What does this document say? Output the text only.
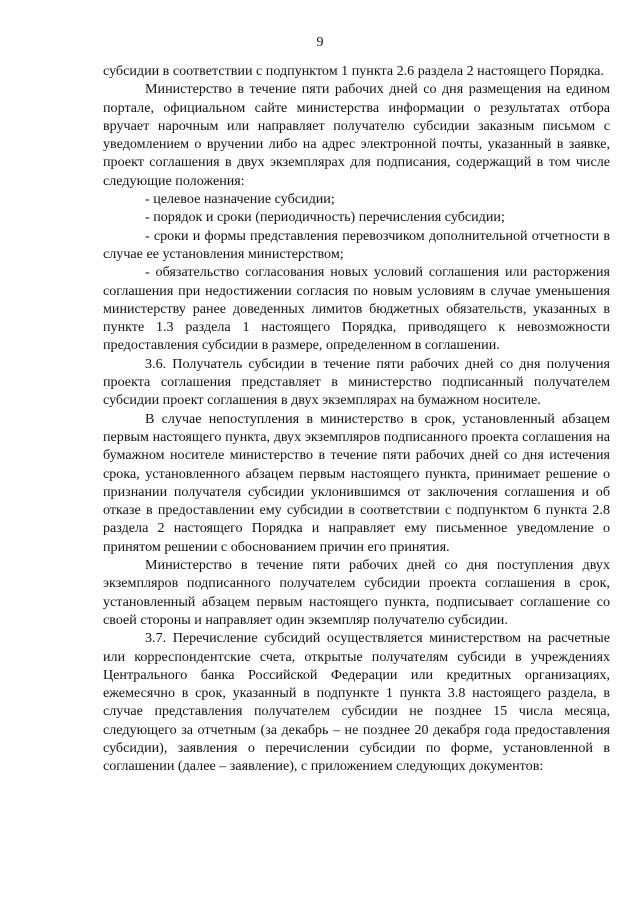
9

субсидии в соответствии с подпунктом 1 пункта 2.6 раздела 2 настоящего Порядка.

Министерство в течение пяти рабочих дней со дня размещения на едином портале, официальном сайте министерства информации о результатах отбора вручает нарочным или направляет получателю субсидии заказным письмом с уведомлением о вручении либо на адрес электронной почты, указанный в заявке, проект соглашения в двух экземплярах для подписания, содержащий в том числе следующие положения:

- целевое назначение субсидии;

- порядок и сроки (периодичность) перечисления субсидии;

- сроки и формы представления перевозчиком дополнительной отчетности в случае ее установления министерством;

- обязательство согласования новых условий соглашения или расторжения соглашения при недостижении согласия по новым условиям в случае уменьшения министерству ранее доведенных лимитов бюджетных обязательств, указанных в пункте 1.3 раздела 1 настоящего Порядка, приводящего к невозможности предоставления субсидии в размере, определенном в соглашении.

3.6. Получатель субсидии в течение пяти рабочих дней со дня получения проекта соглашения представляет в министерство подписанный получателем субсидии проект соглашения в двух экземплярах на бумажном носителе.

В случае непоступления в министерство в срок, установленный абзацем первым настоящего пункта, двух экземпляров подписанного проекта соглашения на бумажном носителе министерство в течение пяти рабочих дней со дня истечения срока, установленного абзацем первым настоящего пункта, принимает решение о признании получателя субсидии уклонившимся от заключения соглашения и об отказе в предоставлении ему субсидии в соответствии с подпунктом 6 пункта 2.8 раздела 2 настоящего Порядка и направляет ему письменное уведомление о принятом решении с обоснованием причин его принятия.

Министерство в течение пяти рабочих дней со дня поступления двух экземпляров подписанного получателем субсидии проекта соглашения в срок, установленный абзацем первым настоящего пункта, подписывает соглашение со своей стороны и направляет один экземпляр получателю субсидии.

3.7. Перечисление субсидий осуществляется министерством на расчетные или корреспондентские счета, открытые получателям субсиди в учреждениях Центрального банка Российской Федерации или кредитных организациях, ежемесячно в срок, указанный в подпункте 1 пункта 3.8 настоящего раздела, в случае представления получателем субсидии не позднее 15 числа месяца, следующего за отчетным (за декабрь – не позднее 20 декабря года предоставления субсидии), заявления о перечислении субсидии по форме, установленной в соглашении (далее – заявление), с приложением следующих документов:
